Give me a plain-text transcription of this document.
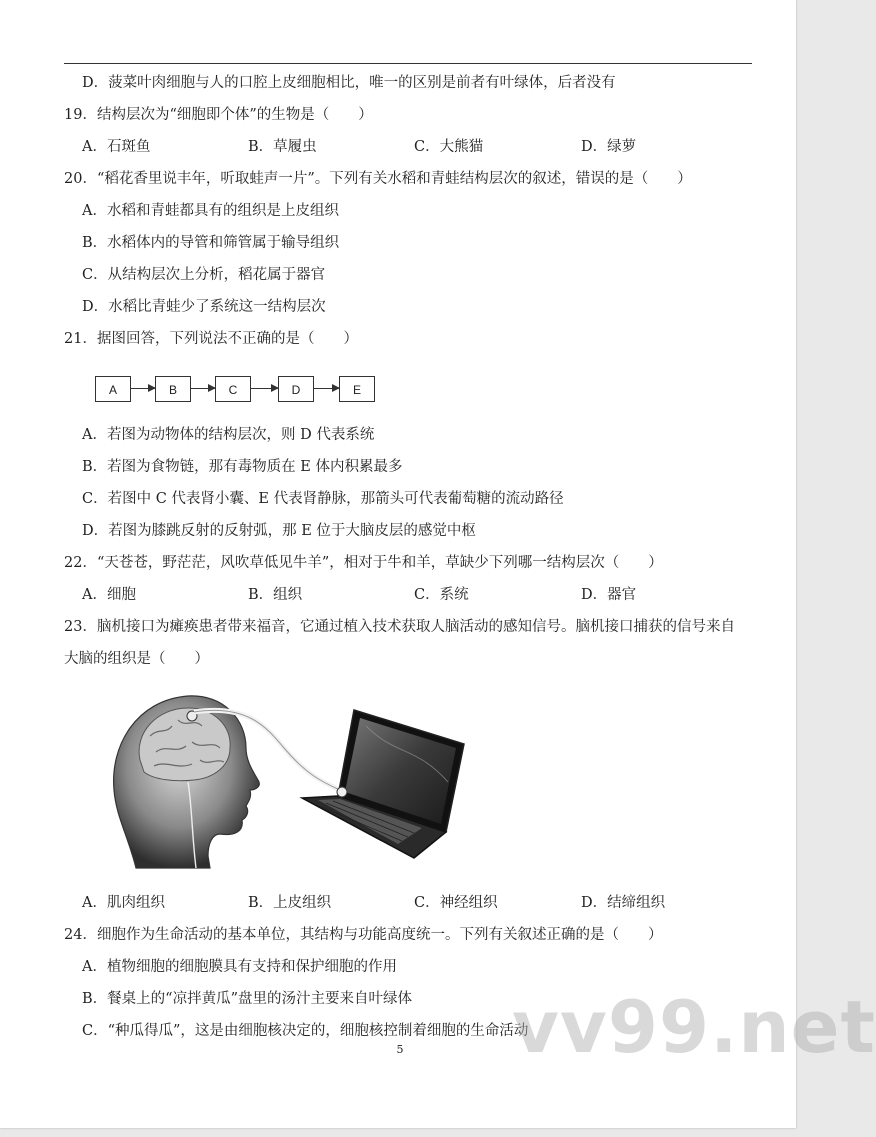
D．菠菜叶肉细胞与人的口腔上皮细胞相比，唯一的区别是前者有叶绿体，后者没有
19．结构层次为“细胞即个体”的生物是（　　）
A．石斑鱼	B．草履虫	C．大熊猫	D．绿萝
20．“稻花香里说丰年，听取蛙声一片”。下列有关水稻和青蛙结构层次的叙述，错误的是（　　）
A．水稻和青蛙都具有的组织是上皮组织
B．水稻体内的导管和筛管属于输导组织
C．从结构层次上分析，稻花属于器官
D．水稻比青蛙少了系统这一结构层次
21．据图回答，下列说法不正确的是（　　）
A	B	C	D	E
A．若图为动物体的结构层次，则 D 代表系统
B．若图为食物链，那有毒物质在 E 体内积累最多
C．若图中 C 代表肾小囊、E 代表肾静脉，那箭头可代表葡萄糖的流动路径
D．若图为膝跳反射的反射弧，那 E 位于大脑皮层的感觉中枢
22．“天苍苍，野茫茫，风吹草低见牛羊”，相对于牛和羊，草缺少下列哪一结构层次（　　）
A．细胞	B．组织	C．系统	D．器官
23．脑机接口为瘫痪患者带来福音，它通过植入技术获取人脑活动的感知信号。脑机接口捕获的信号来自
大脑的组织是（　　）
A．肌肉组织	B．上皮组织	C．神经组织	D．结缔组织
24．细胞作为生命活动的基本单位，其结构与功能高度统一。下列有关叙述正确的是（　　）
A．植物细胞的细胞膜具有支持和保护细胞的作用
B．餐桌上的“凉拌黄瓜”盘里的汤汁主要来自叶绿体
C．“种瓜得瓜”，这是由细胞核决定的，细胞核控制着细胞的生命活动
vv99.net
5
